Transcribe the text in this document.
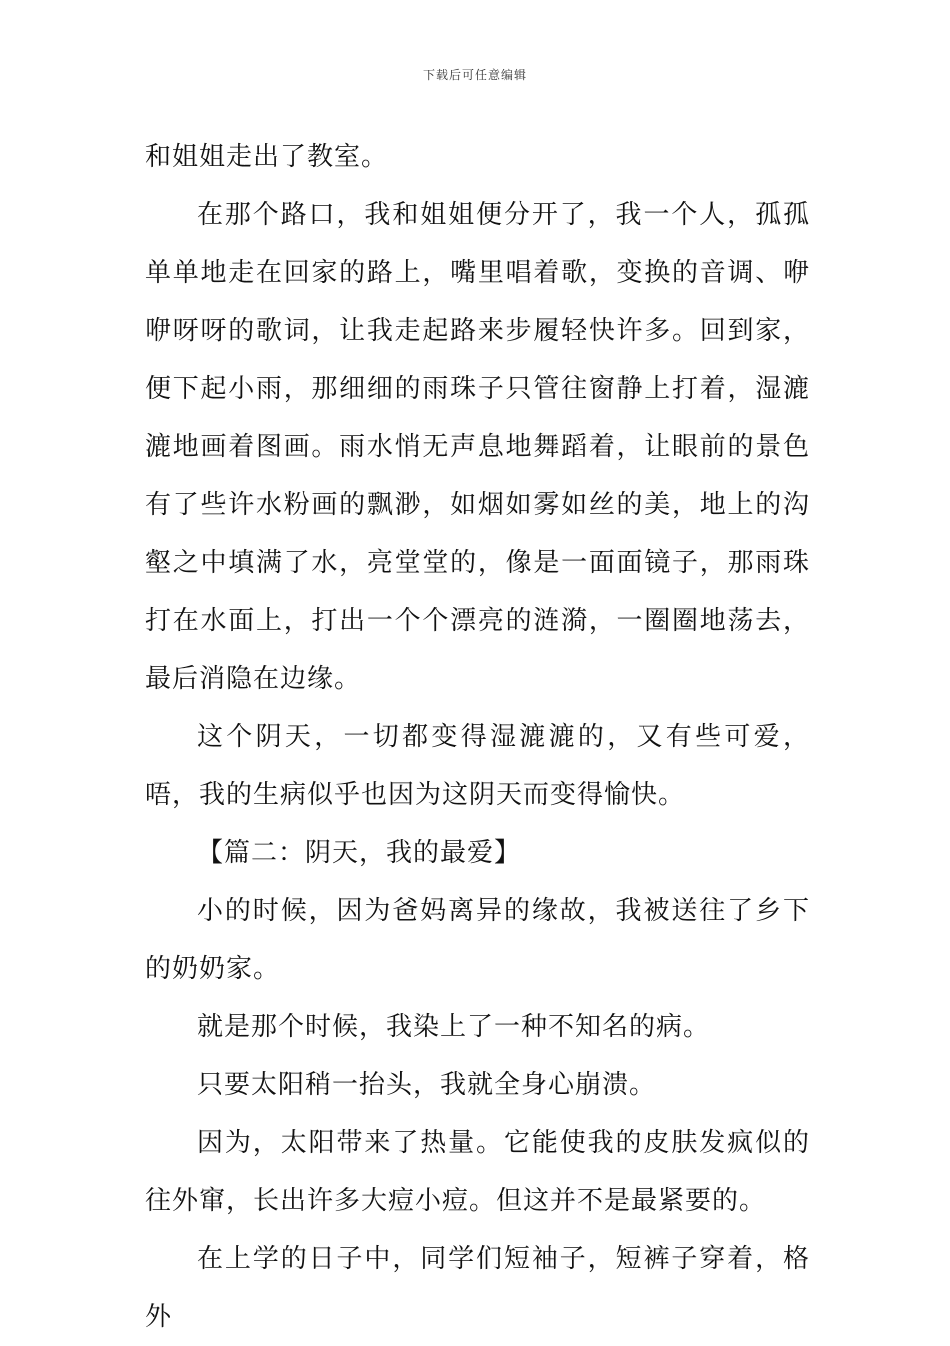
下载后可任意编辑

和姐姐走出了教室。

在那个路口，我和姐姐便分开了，我一个人，孤孤单单地走在回家的路上，嘴里唱着歌，变换的音调、咿咿呀呀的歌词，让我走起路来步履轻快许多。回到家，便下起小雨，那细细的雨珠子只管往窗静上打着，湿漉漉地画着图画。雨水悄无声息地舞蹈着，让眼前的景色有了些许水粉画的飘渺，如烟如雾如丝的美，地上的沟壑之中填满了水，亮堂堂的，像是一面面镜子，那雨珠打在水面上，打出一个个漂亮的涟漪，一圈圈地荡去，最后消隐在边缘。

这个阴天，一切都变得湿漉漉的，又有些可爱，唔，我的生病似乎也因为这阴天而变得愉快。

【篇二：阴天，我的最爱】

小的时候，因为爸妈离异的缘故，我被送往了乡下的奶奶家。

就是那个时候，我染上了一种不知名的病。

只要太阳稍一抬头，我就全身心崩溃。

因为，太阳带来了热量。它能使我的皮肤发疯似的往外窜，长出许多大痘小痘。但这并不是最紧要的。

在上学的日子中，同学们短袖子，短裤子穿着，格外
